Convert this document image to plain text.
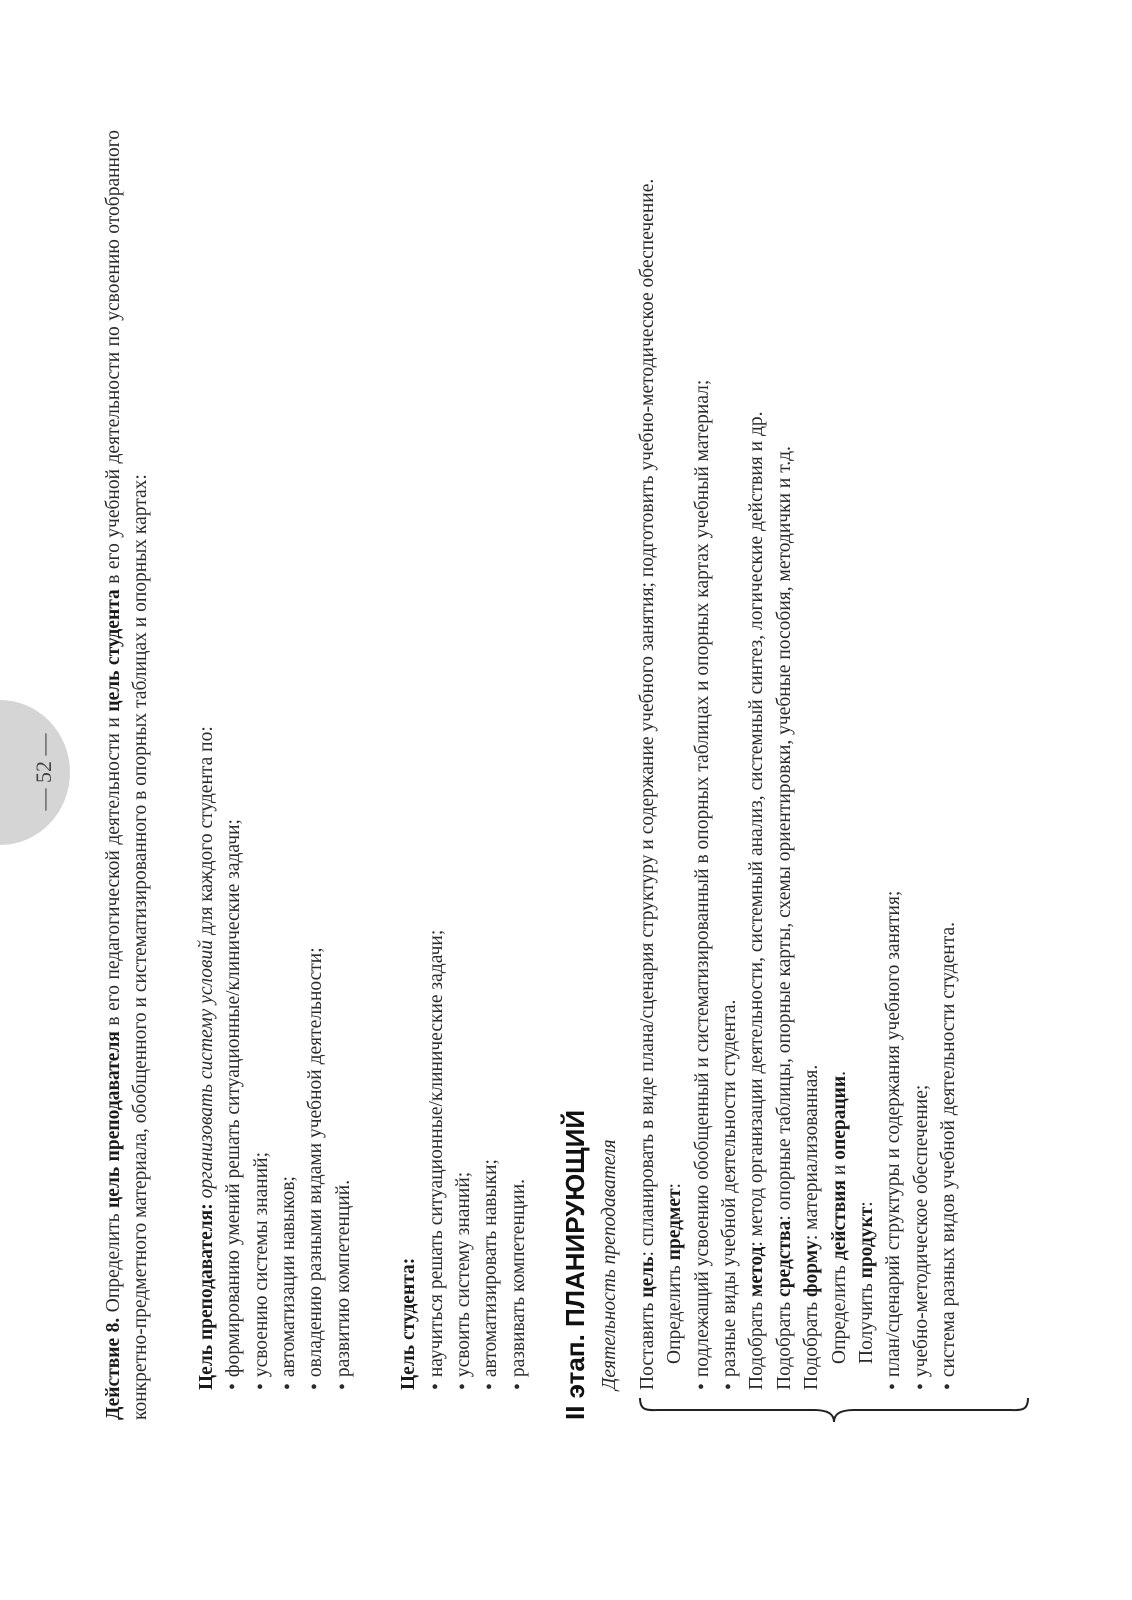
— 52 —

Действие 8. Определить цель преподавателя в его педагогической деятельности и цель студента в его учебной деятельности по усвоению отобранного конкретно-предметного материала, обобщенного и систематизированного в опорных таблицах и опорных картах: Цель преподавателя: организовать систему условий для каждого студента по: • формированию умений решать ситуационные/клинические задачи; • усвоению системы знаний; • автоматизации навыков; • овладению разными видами учебной деятельности; • развитию компетенций. Цель студента: • научиться решать ситуационные/клинические задачи; • усвоить систему знаний; • автоматизировать навыки; • развивать компетенции. II этап. ПЛАНИРУЮЩИЙ Деятельность преподавателя Поставить цель: спланировать в виде плана/сценария структуру и содержание учебного занятия; подготовить учебно-методическое обеспечение.

Определить предмет: • подлежащий усвоению обобщенный и систематизированный в опорных таблицах и опорных картах учебный материал; • разные виды учебной деятельности студента. Подобрать метод: метод организации деятельности, системный анализ, системный синтез, логические действия и др.

Подобрать средства: опорные таблицы, опорные карты, схемы ориентировки, учебные пособия, методички и т.д.

Подобрать форму: материализованная.

Определить действия и операции.

Получить продукт: • план/сценарий структуры и содержания учебного занятия; • учебно-методическое обеспечение; • система разных видов учебной деятельности студента.
